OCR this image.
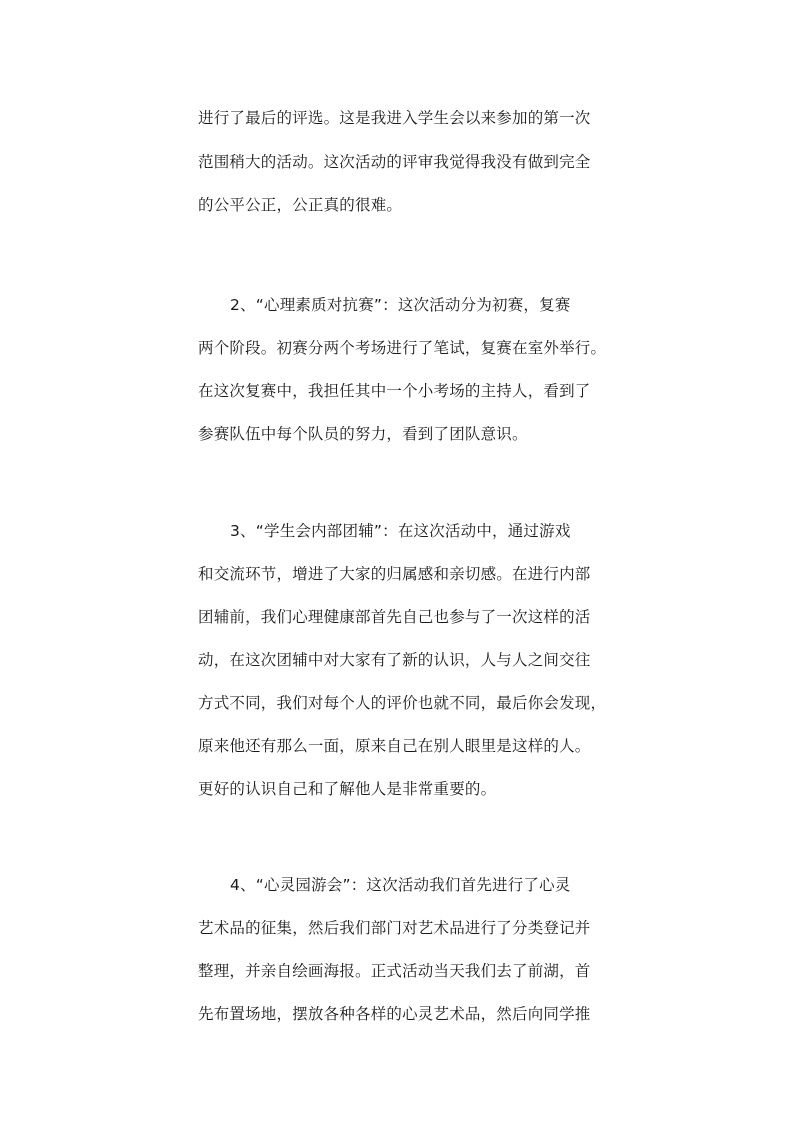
进行了最后的评选。这是我进入学生会以来参加的第一次
范围稍大的活动。这次活动的评审我觉得我没有做到完全
的公平公正，公正真的很难。
2、“心理素质对抗赛”：这次活动分为初赛，复赛
两个阶段。初赛分两个考场进行了笔试，复赛在室外举行。
在这次复赛中，我担任其中一个小考场的主持人，看到了
参赛队伍中每个队员的努力，看到了团队意识。
3、“学生会内部团辅”：在这次活动中，通过游戏
和交流环节，增进了大家的归属感和亲切感。在进行内部
团辅前，我们心理健康部首先自己也参与了一次这样的活
动，在这次团辅中对大家有了新的认识，人与人之间交往
方式不同，我们对每个人的评价也就不同，最后你会发现，
原来他还有那么一面，原来自己在别人眼里是这样的人。
更好的认识自己和了解他人是非常重要的。
4、“心灵园游会”：这次活动我们首先进行了心灵
艺术品的征集，然后我们部门对艺术品进行了分类登记并
整理，并亲自绘画海报。正式活动当天我们去了前湖，首
先布置场地，摆放各种各样的心灵艺术品，然后向同学推
